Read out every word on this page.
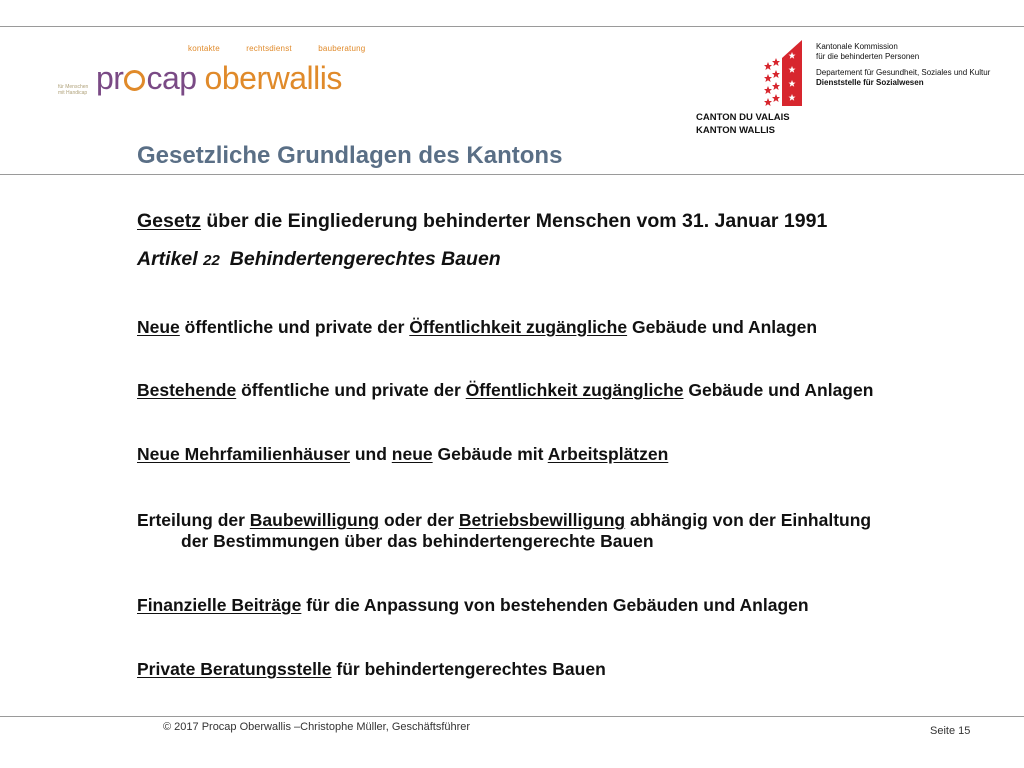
kontakte	rechtsdienst	bauberatung
pr cap oberwallis
für Menschen
mit Handicap
Kantonale Kommission
für die behinderten Personen
Departement für Gesundheit, Soziales und Kultur
Dienststelle für Sozialwesen
CANTON DU VALAIS
KANTON WALLIS
Gesetzliche Grundlagen des Kantons
Gesetz über die Eingliederung behinderter Menschen vom 31. Januar 1991
Artikel 22 Behindertengerechtes Bauen
Neue öffentliche und private der Öffentlichkeit zugängliche Gebäude und Anlagen
Bestehende öffentliche und private der Öffentlichkeit zugängliche Gebäude und Anlagen
Neue Mehrfamilienhäuser und neue Gebäude mit Arbeitsplätzen
Erteilung der Baubewilligung oder der Betriebsbewilligung abhängig von der Einhaltung
der Bestimmungen über das behindertengerechte Bauen
Finanzielle Beiträge für die Anpassung von bestehenden Gebäuden und Anlagen
Private Beratungsstelle für behindertengerechtes Bauen
© 2017 Procap Oberwallis –Christophe Müller, Geschäftsführer	Seite 15
